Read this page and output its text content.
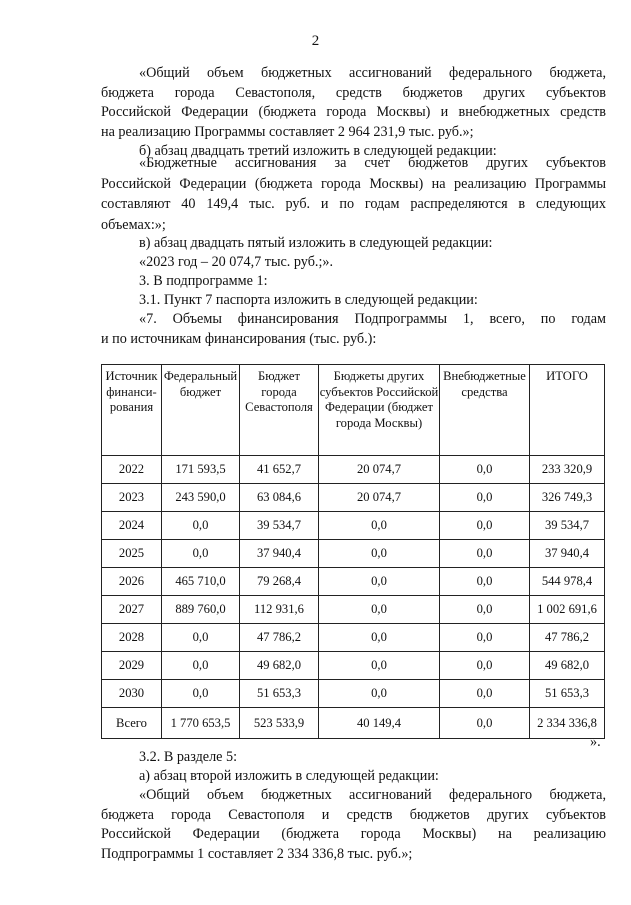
2

«Общий объем бюджетных ассигнований федерального бюджета,
бюджета города Севастополя, средств бюджетов других субъектов
Российской Федерации (бюджета города Москвы) и внебюджетных средств
на реализацию Программы составляет 2 964 231,9 тыс. руб.»;

б) абзац двадцать третий изложить в следующей редакции:

«Бюджетные ассигнования за счет бюджетов других субъектов
Российской Федерации (бюджета города Москвы) на реализацию Программы
составляют 40 149,4 тыс. руб. и по годам распределяются в следующих
объемах:»;

в) абзац двадцать пятый изложить в следующей редакции:

«2023 год – 20 074,7 тыс. руб.;».

3. В подпрограмме 1:

3.1. Пункт 7 паспорта изложить в следующей редакции:

«7. Объемы финансирования Подпрограммы 1, всего, по годам
и по источникам финансирования (тыс. руб.):

Источник финанси-рования	Федеральный бюджет	Бюджет города Севастополя	Бюджеты других субъектов Российской Федерации (бюджет города Москвы)	Внебюджетные средства	ИТОГО
2022	171 593,5	41 652,7	20 074,7	0,0	233 320,9
2023	243 590,0	63 084,6	20 074,7	0,0	326 749,3
2024	0,0	39 534,7	0,0	0,0	39 534,7
2025	0,0	37 940,4	0,0	0,0	37 940,4
2026	465 710,0	79 268,4	0,0	0,0	544 978,4
2027	889 760,0	112 931,6	0,0	0,0	1 002 691,6
2028	0,0	47 786,2	0,0	0,0	47 786,2
2029	0,0	49 682,0	0,0	0,0	49 682,0
2030	0,0	51 653,3	0,0	0,0	51 653,3
Всего	1 770 653,5	523 533,9	40 149,4	0,0	2 334 336,8
».

3.2. В разделе 5:

а) абзац второй изложить в следующей редакции:

«Общий объем бюджетных ассигнований федерального бюджета,
бюджета города Севастополя и средств бюджетов других субъектов
Российской Федерации (бюджета города Москвы) на реализацию
Подпрограммы 1 составляет 2 334 336,8 тыс. руб.»;
